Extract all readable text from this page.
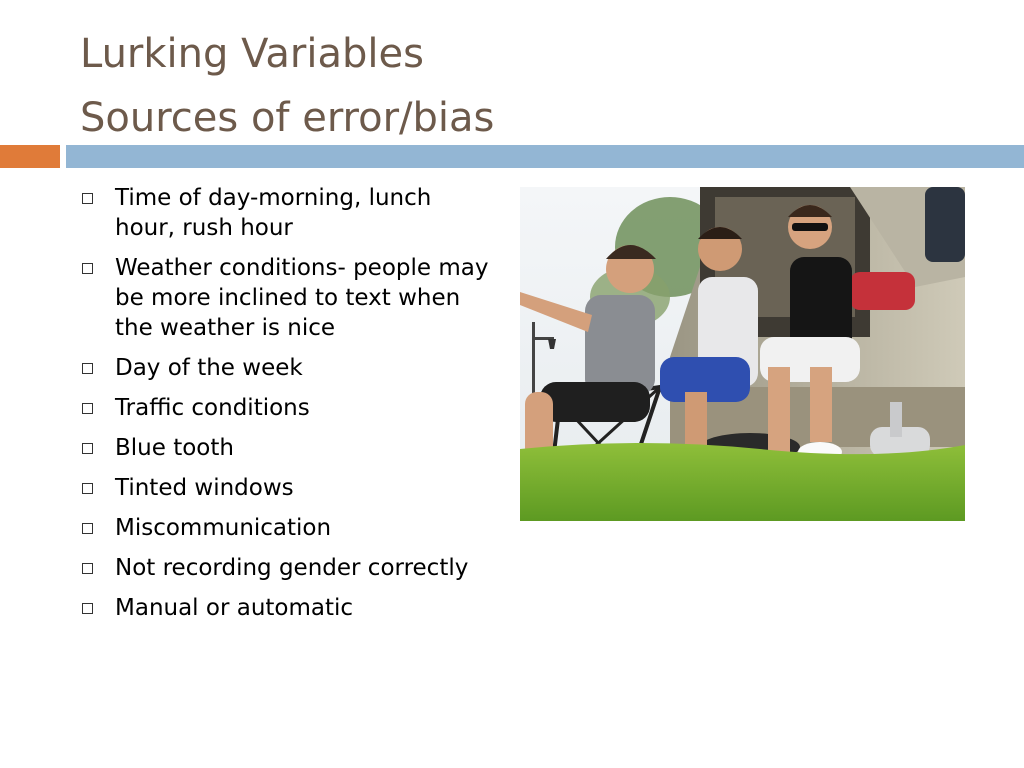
Lurking Variables
Sources of error/bias
Time of day-morning, lunch hour, rush hour
Weather conditions- people may be more inclined to text when the weather is nice
Day of the week
Traffic conditions
Blue tooth
Tinted windows
Miscommunication
Not recording gender correctly
Manual or automatic
